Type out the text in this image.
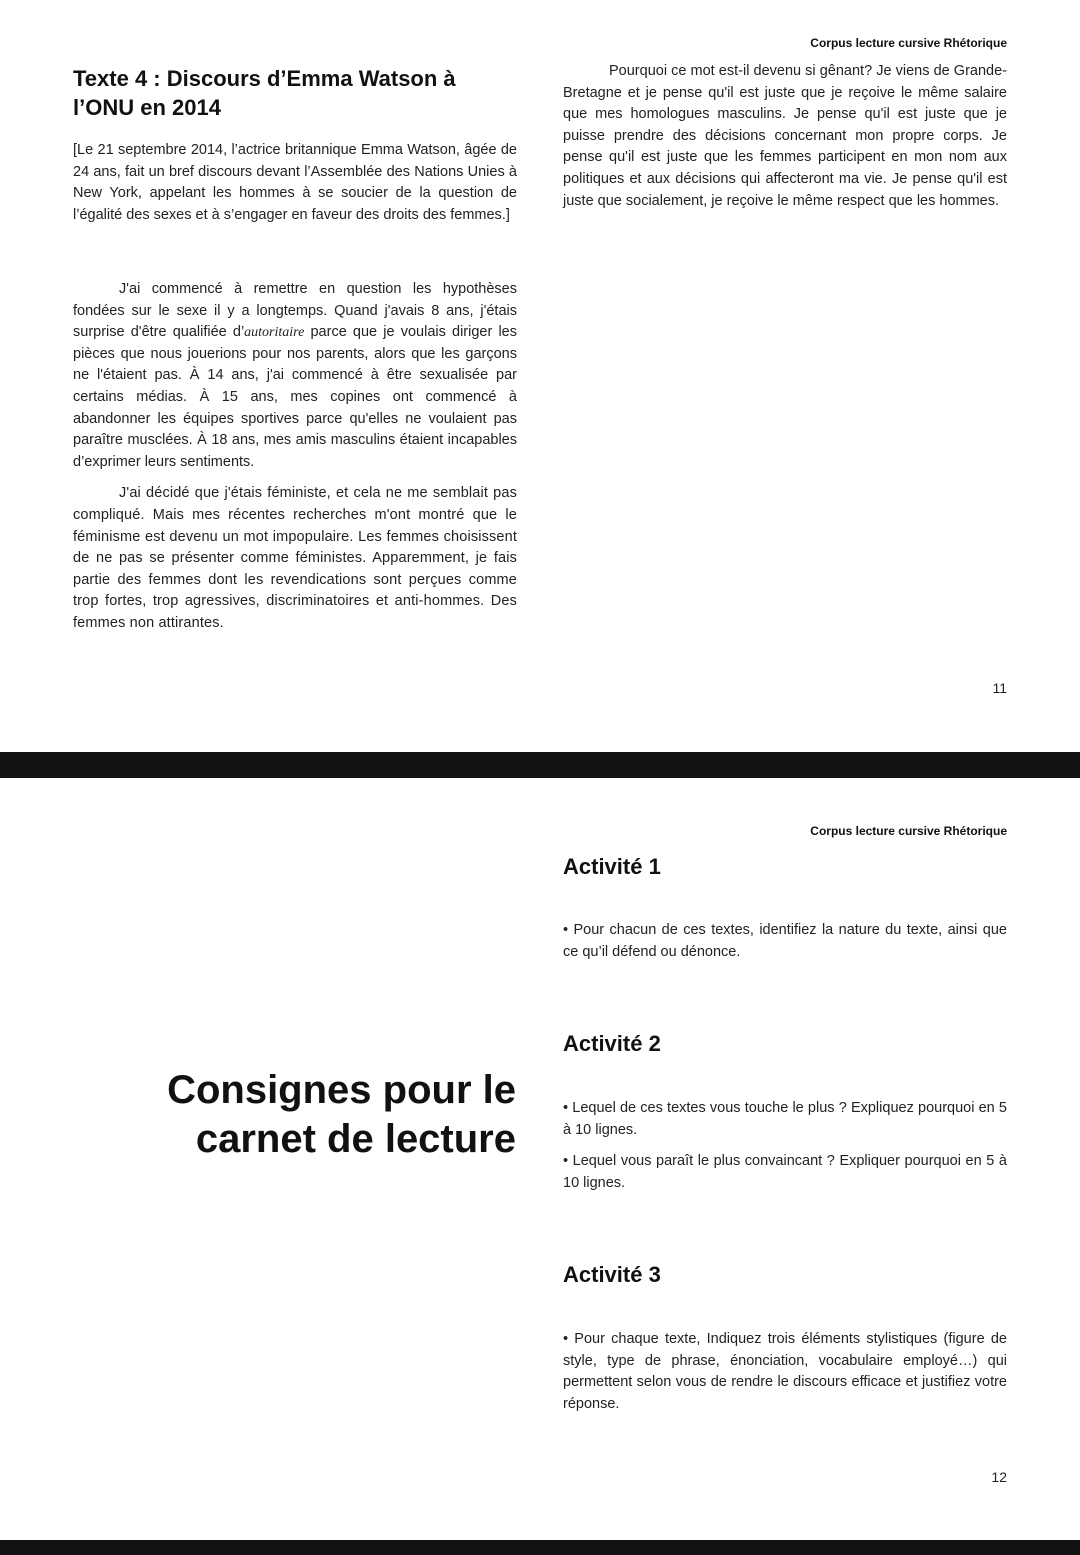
Corpus lecture cursive Rhétorique
Texte 4 : Discours d’Emma Watson à l’ONU en 2014

[Le 21 septembre 2014, l’actrice britannique Emma Watson, âgée de 24 ans, fait un bref discours devant l’Assemblée des Nations Unies à New York, appelant les hommes à se soucier de la question de l’égalité des sexes et à s’engager en faveur des droits des femmes.]

J'ai commencé à remettre en question les hypothèses fondées sur le sexe il y a longtemps. Quand j'avais 8 ans, j'étais surprise d'être qualifiée d’autoritaire parce que je voulais diriger les pièces que nous jouerions pour nos parents, alors que les garçons ne l'étaient pas. À 14 ans, j'ai commencé à être sexualisée par certains médias. À 15 ans, mes copines ont commencé à abandonner les équipes sportives parce qu'elles ne voulaient pas paraître musclées. À 18 ans, mes amis masculins étaient incapables d’exprimer leurs sentiments.

J'ai décidé que j'étais féministe, et cela ne me semblait pas compliqué. Mais mes récentes recherches m'ont montré que le féminisme est devenu un mot impopulaire. Les femmes choisissent de ne pas se présenter comme féministes. Apparemment, je fais partie des femmes dont les revendications sont perçues comme trop fortes, trop agressives, discriminatoires et anti-hommes. Des femmes non attirantes.

Pourquoi ce mot est-il devenu si gênant? Je viens de Grande- Bretagne et je pense qu'il est juste que je reçoive le même salaire que mes homologues masculins. Je pense qu'il est juste que je puisse prendre des décisions concernant mon propre corps. Je pense qu'il est juste que les femmes participent en mon nom aux politiques et aux décisions qui affecteront ma vie. Je pense qu'il est juste que socialement, je reçoive le même respect que les hommes.

11
Corpus lecture cursive Rhétorique
Consignes pour le
carnet de lecture
Activité 1

• Pour chacun de ces textes, identifiez la nature du texte, ainsi que ce qu’il défend ou dénonce.

Activité 2

• Lequel de ces textes vous touche le plus ? Expliquez pourquoi en 5 à 10 lignes.

• Lequel vous paraît le plus convaincant ? Expliquer pourquoi en 5 à 10 lignes.

Activité 3

• Pour chaque texte, Indiquez trois éléments stylistiques (figure de style, type de phrase, énonciation, vocabulaire employé…) qui permettent selon vous de rendre le discours efficace et justifiez votre réponse.

12
